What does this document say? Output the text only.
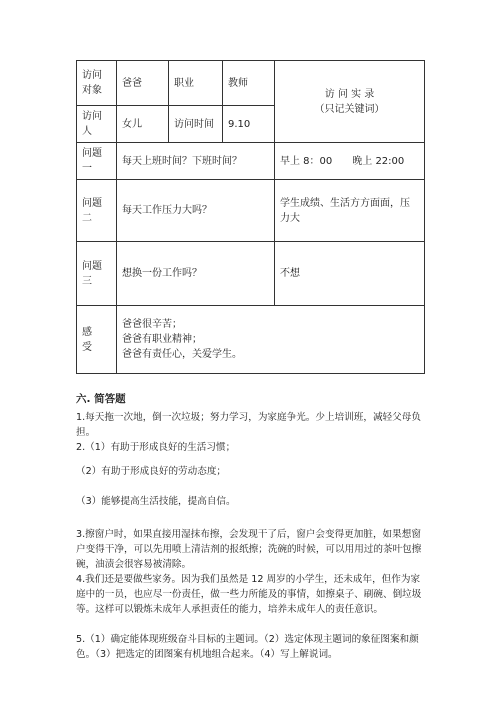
访问对象	爸爸	职业	教师	访 问 实 录
（只记关键词）

访问人	女儿	访问时间	9.10	
问题一	每天上班时间？下班时间？			早上 8：00　　晚上 22:00
问题二	每天工作压力大吗？			学生成绩、生活方方面面，压力大
问题三	想换一份工作吗？			不想
感　受	爸爸很辛苦；
爸爸有职业精神；
爸爸有责任心，关爱学生。			
六. 简答题

1.每天拖一次地，倒一次垃圾；努力学习，为家庭争光。少上培训班，减轻父母负担。

2.（1）有助于形成良好的生活习惯；

（2）有助于形成良好的劳动态度；

（3）能够提高生活技能，提高自信。

3.擦窗户时，如果直接用湿抹布擦，会发现干了后，窗户会变得更加脏，如果想窗户变得干净，可以先用喷上清洁剂的报纸擦；洗碗的时候，可以用用过的茶叶包擦碗，油渍会很容易被清除。

4.我们还是要做些家务。因为我们虽然是 12 周岁的小学生，还未成年，但作为家庭中的一员，也应尽一份责任，做一些力所能及的事情，如擦桌子、刷碗、倒垃圾等。这样可以锻炼未成年人承担责任的能力，培养未成年人的责任意识。

5.（1）确定能体现班级奋斗目标的主题词。（2）选定体现主题词的象征图案和颜色。（3）把选定的团图案有机地组合起来。（4）写上解说词。
